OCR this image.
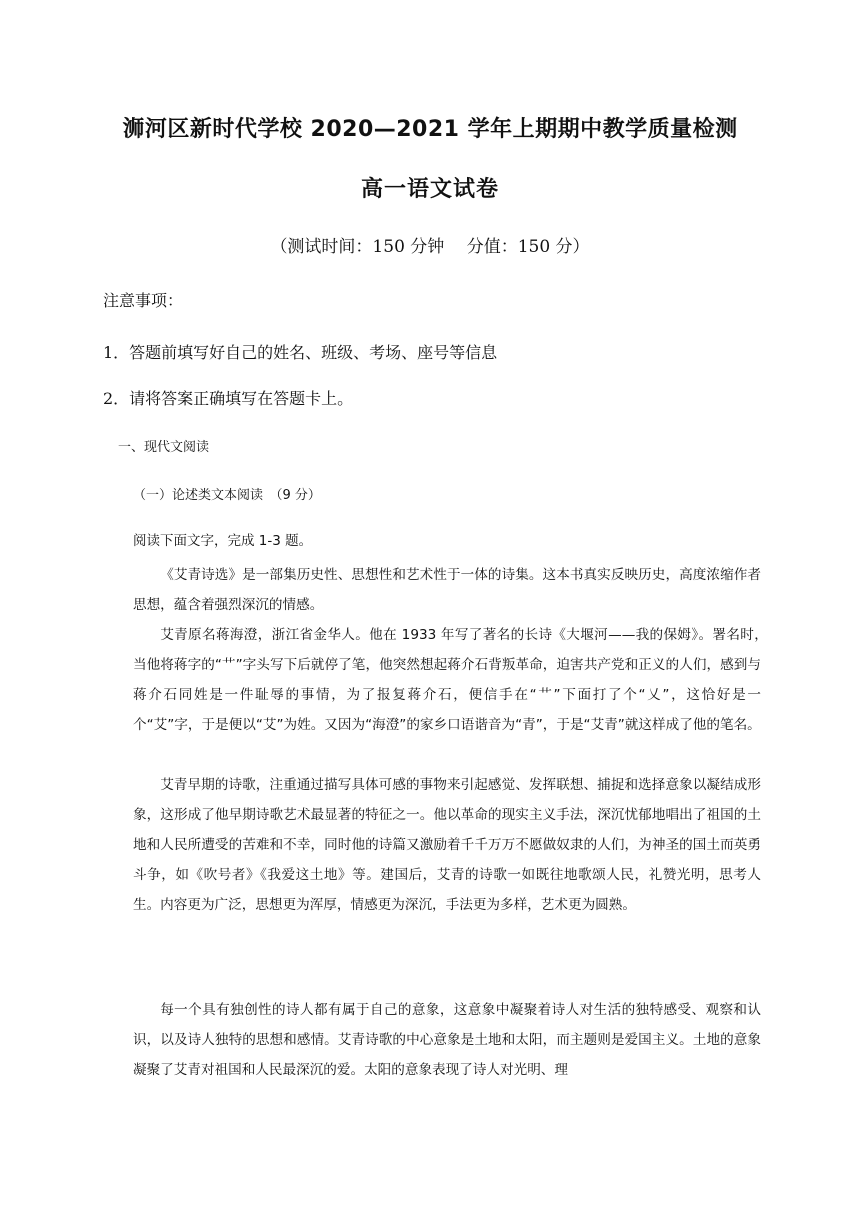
浉河区新时代学校 2020—2021 学年上期期中教学质量检测
高一语文试卷
（测试时间：150 分钟　 分值：150 分）
注意事项：
1．答题前填写好自己的姓名、班级、考场、座号等信息
2．请将答案正确填写在答题卡上。
一、现代文阅读
（一）论述类文本阅读　（9 分）
阅读下面文字，完成 1-3 题。

《艾青诗选》是一部集历史性、思想性和艺术性于一体的诗集。这本书真实反映历史，高度浓缩作者思想，蕴含着强烈深沉的情感。

艾青原名蒋海澄，浙江省金华人。他在 1933 年写了著名的长诗《大堰河——我的保姆》。署名时，　当他将蒋字的“艹”字头写下后就停了笔，他突然想起蒋介石背叛革命，迫害共产党和正义的人们，感到与蒋介石同姓是一件耻辱的事情，为了报复蒋介石，便信手在“艹”下面打了个“乂”，这恰好是一 个“艾”字，于是便以“艾”为姓。又因为“海澄”的家乡口语谐音为“青”，于是“艾青”就这样成了他的笔名。

艾青早期的诗歌，注重通过描写具体可感的事物来引起感觉、发挥联想、捕捉和选择意象以凝结成形象，这形成了他早期诗歌艺术最显著的特征之一。他以革命的现实主义手法，深沉忧郁地唱出了祖国的土地和人民所遭受的苦难和不幸，同时他的诗篇又激励着千千万万不愿做奴隶的人们，为神圣的国土而英勇斗争，如《吹号者》《我爱这土地》等。建国后，艾青的诗歌一如既往地歌颂人民，礼赞光明，思考人生。内容更为广泛，思想更为浑厚，情感更为深沉，手法更为多样，艺术更为圆熟。

每一个具有独创性的诗人都有属于自己的意象，这意象中凝聚着诗人对生活的独特感受、观察和认识，以及诗人独特的思想和感情。艾青诗歌的中心意象是土地和太阳，而主题则是爱国主义。土地的意象凝聚了艾青对祖国和人民最深沉的爱。太阳的意象表现了诗人对光明、理
